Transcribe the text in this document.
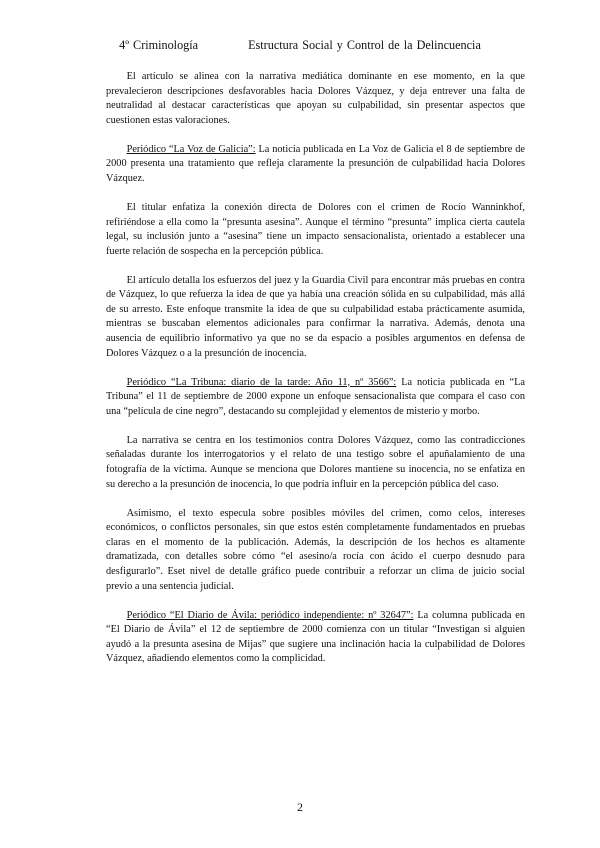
4º Criminología	Estructura Social y Control de la Delincuencia

El artículo se alinea con la narrativa mediática dominante en ese momento, en la que prevalecieron descripciones desfavorables hacia Dolores Vázquez, y deja entrever una falta de neutralidad al destacar características que apoyan su culpabilidad, sin presentar aspectos que cuestionen estas valoraciones.

Periódico “La Voz de Galicia”: La noticia publicada en La Voz de Galicia el 8 de septiembre de 2000 presenta una tratamiento que refleja claramente la presunción de culpabilidad hacia Dolores Vázquez.

El titular enfatiza la conexión directa de Dolores con el crimen de Rocío Wanninkhof, refiriéndose a ella como la “presunta asesina”. Aunque el término “presunta” implica cierta cautela legal, su inclusión junto a “asesina” tiene un impacto sensacionalista, orientado a establecer una fuerte relación de sospecha en la percepción pública.

El artículo detalla los esfuerzos del juez y la Guardia Civil para encontrar más pruebas en contra de Vázquez, lo que refuerza la idea de que ya había una creación sólida en su culpabilidad, más allá de su arresto. Este enfoque transmite la idea de que su culpabilidad estaba prácticamente asumida, mientras se buscaban elementos adicionales para confirmar la narrativa. Además, denota una ausencia de equilibrio informativo ya que no se da espacio a posibles argumentos en defensa de Dolores Vázquez o a la presunción de inocencia.

Periódico “La Tribuna: diario de la tarde: Año 11, nº 3566”: La noticia publicada en “La Tribuna” el 11 de septiembre de 2000 expone un enfoque sensacionalista que compara el caso con una “película de cine negro”, destacando su complejidad y elementos de misterio y morbo.

La narrativa se centra en los testimonios contra Dolores Vázquez, como las contradicciones señaladas durante los interrogatorios y el relato de una testigo sobre el apuñalamiento de una fotografía de la víctima. Aunque se menciona que Dolores mantiene su inocencia, no se enfatiza en su derecho a la presunción de inocencia, lo que podría influir en la percepción pública del caso.

Asimismo, el texto especula sobre posibles móviles del crimen, como celos, intereses económicos, o conflictos personales, sin que estos estén completamente fundamentados en pruebas claras en el momento de la publicación. Además, la descripción de los hechos es altamente dramatizada, con detalles sobre cómo “el asesino/a rocía con ácido el cuerpo desnudo para desfigurarlo”. Eset nivel de detalle gráfico puede contribuir a reforzar un clima de juicio social previo a una sentencia judicial.

Periódico “El Diario de Ávila: periódico independiente: nº 32647”: La columna publicada en “El Diario de Ávila” el 12 de septiembre de 2000 comienza con un titular “Investigan si alguien ayudó a la presunta asesina de Mijas” que sugiere una inclinación hacia la culpabilidad de Dolores Vázquez, añadiendo elementos como la complicidad.

2
